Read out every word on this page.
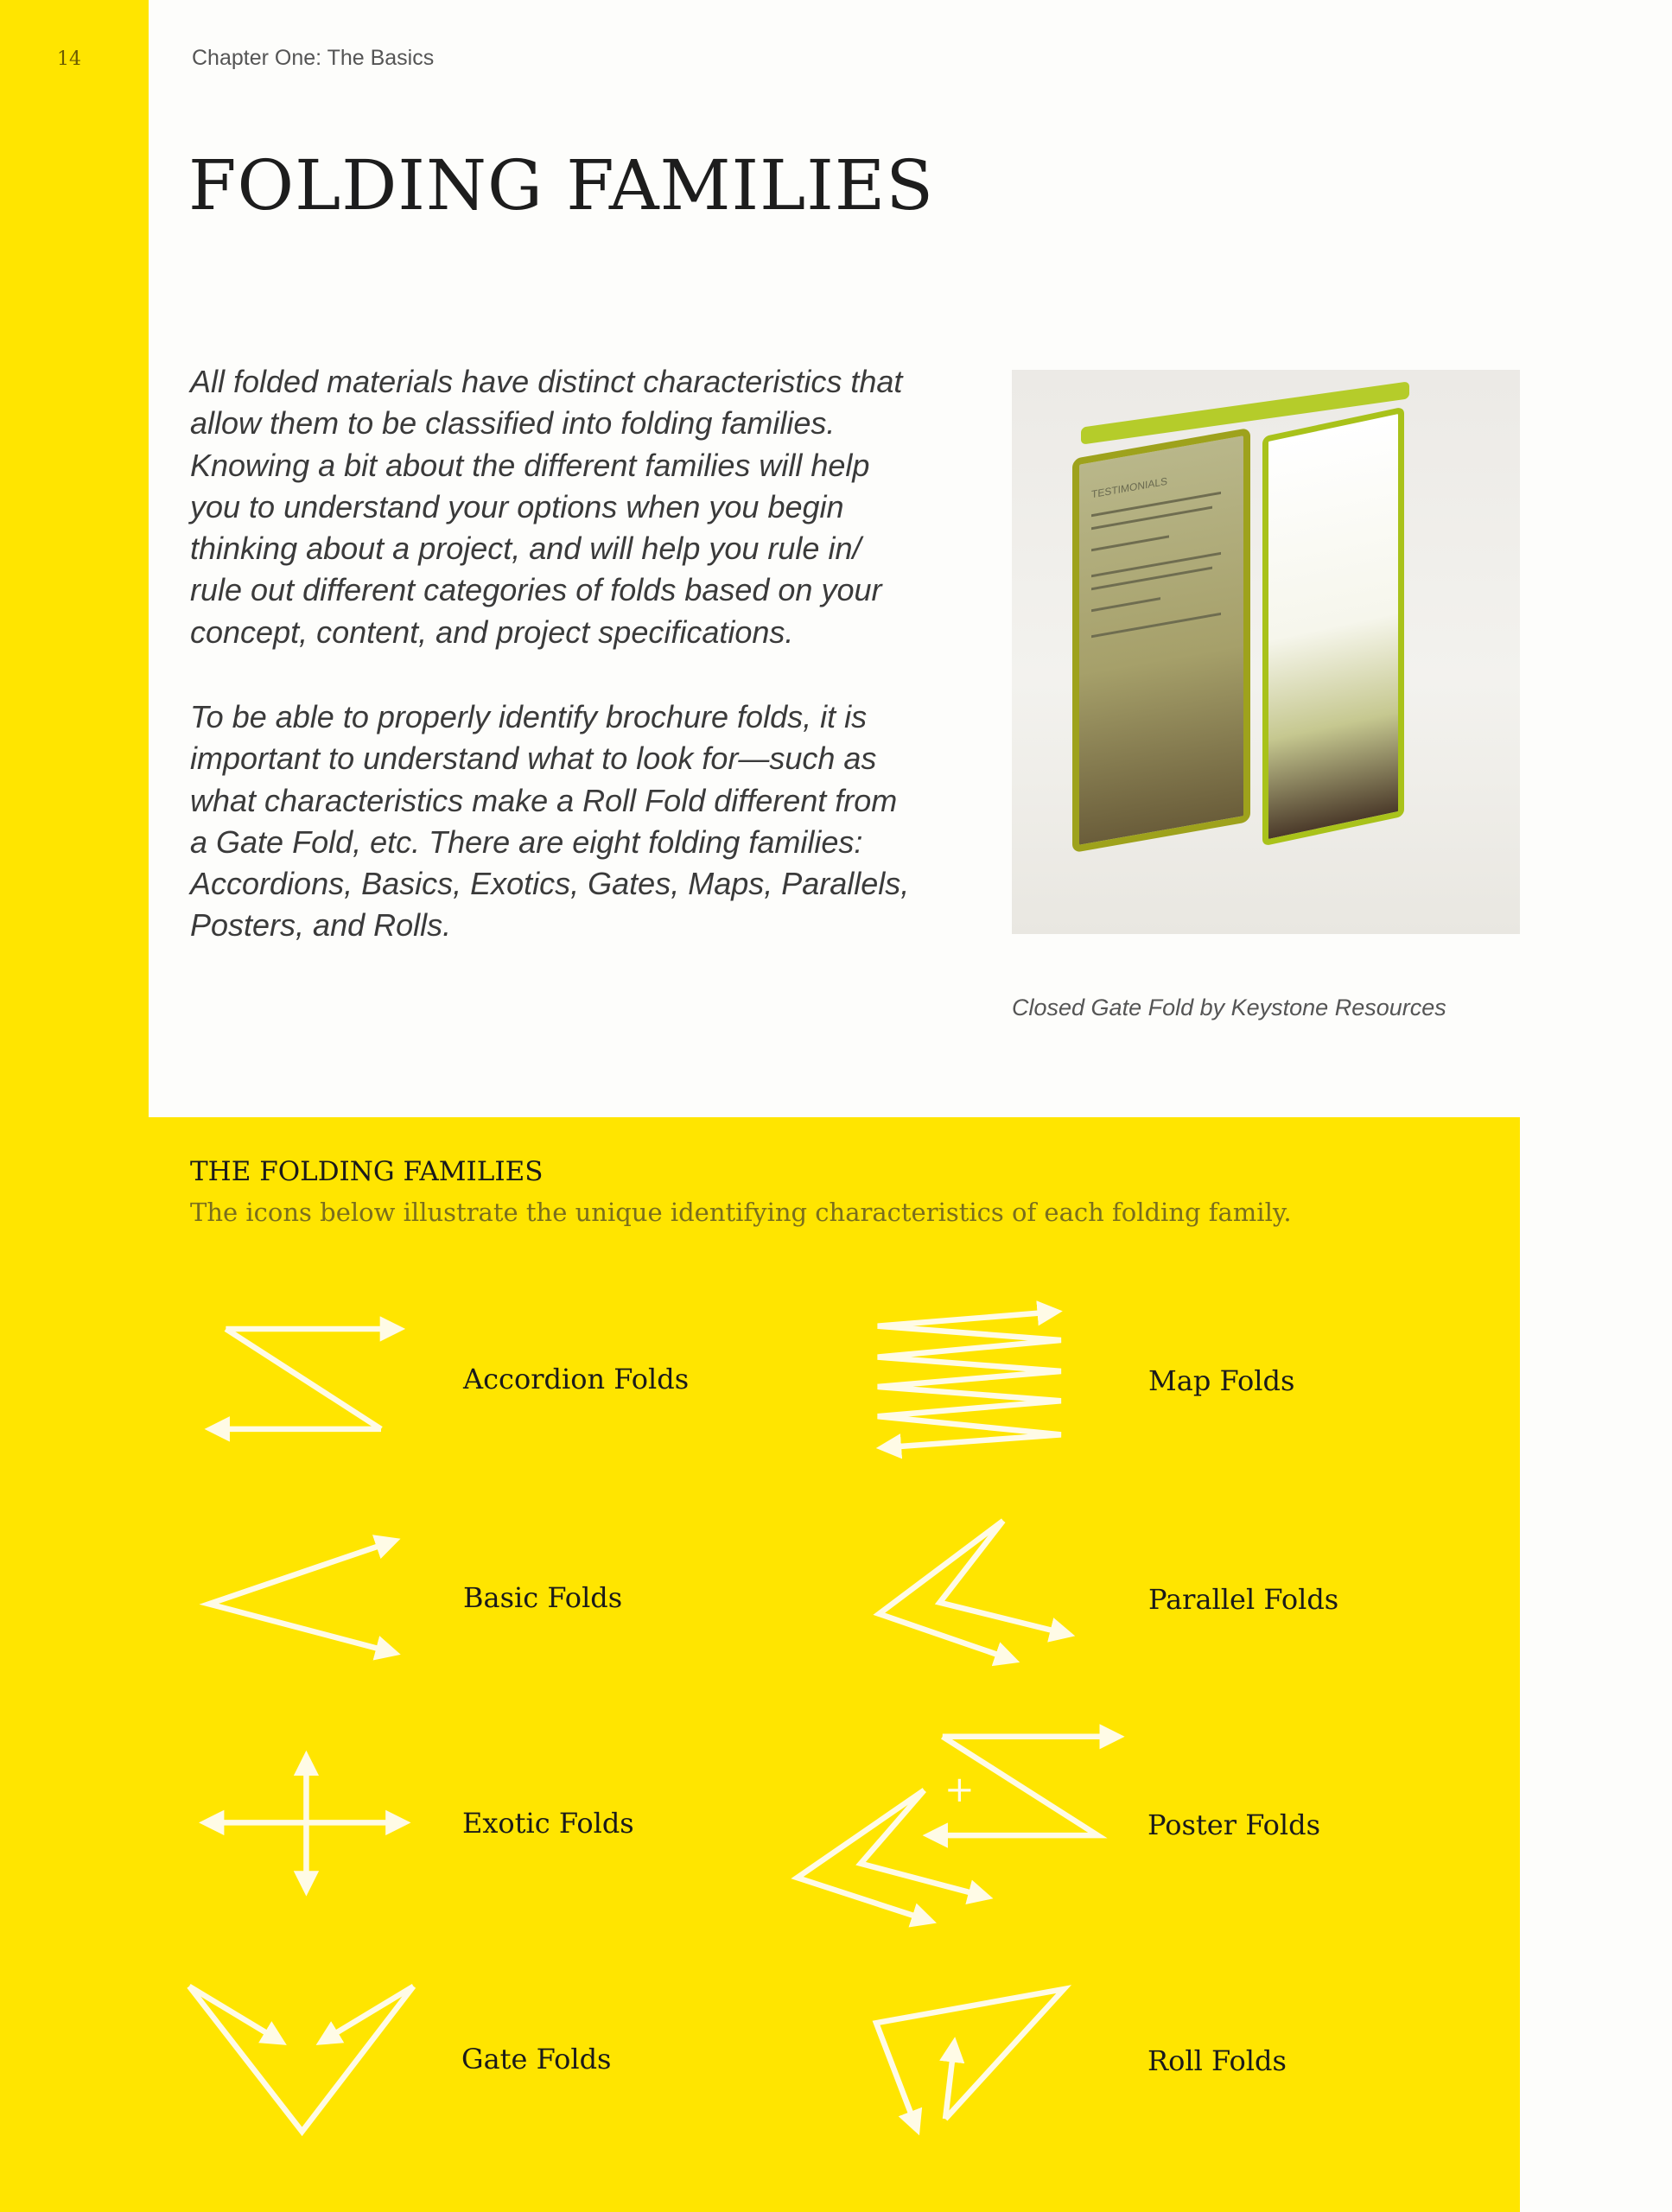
14	Chapter One: The Basics
FOLDING FAMILIES
All folded materials have distinct characteristics that
allow them to be classified into folding families.
Knowing a bit about the different families will help
you to understand your options when you begin
thinking about a project, and will help you rule in/
rule out different categories of folds based on your
concept, content, and project specifications.
To be able to properly identify brochure folds, it is
important to understand what to look for—such as
what characteristics make a Roll Fold different from
a Gate Fold, etc. There are eight folding families:
Accordions, Basics, Exotics, Gates, Maps, Parallels,
Posters, and Rolls.
TESTIMONIALS
Closed Gate Fold by Keystone Resources
THE FOLDING FAMILIES
The icons below illustrate the unique identifying characteristics of each folding family.
Accordion Folds	Map Folds
Basic Folds	Parallel Folds
Exotic Folds	Poster Folds
Gate Folds	Roll Folds
